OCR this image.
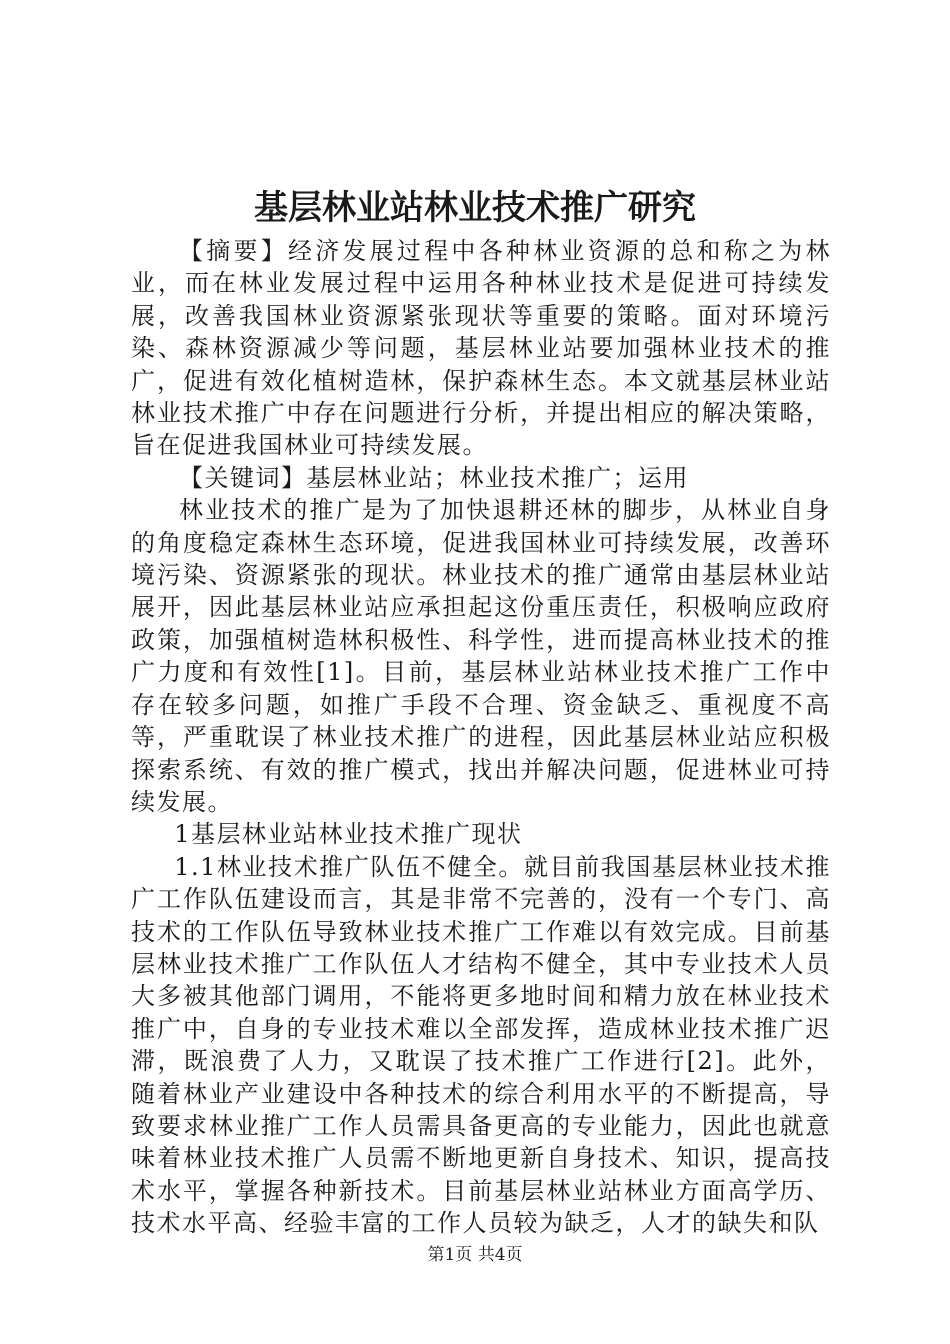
基层林业站林业技术推广研究

【摘要】经济发展过程中各种林业资源的总和称之为林业，而在林业发展过程中运用各种林业技术是促进可持续发展，改善我国林业资源紧张现状等重要的策略。面对环境污染、森林资源减少等问题，基层林业站要加强林业技术的推广，促进有效化植树造林，保护森林生态。本文就基层林业站林业技术推广中存在问题进行分析，并提出相应的解决策略，旨在促进我国林业可持续发展。

【关键词】基层林业站；林业技术推广；运用

林业技术的推广是为了加快退耕还林的脚步，从林业自身的角度稳定森林生态环境，促进我国林业可持续发展，改善环境污染、资源紧张的现状。林业技术的推广通常由基层林业站展开，因此基层林业站应承担起这份重压责任，积极响应政府政策，加强植树造林积极性、科学性，进而提高林业技术的推广力度和有效性[1]。目前，基层林业站林业技术推广工作中存在较多问题，如推广手段不合理、资金缺乏、重视度不高等，严重耽误了林业技术推广的进程，因此基层林业站应积极探索系统、有效的推广模式，找出并解决问题，促进林业可持续发展。

1基层林业站林业技术推广现状

1.1林业技术推广队伍不健全。就目前我国基层林业技术推广工作队伍建设而言，其是非常不完善的，没有一个专门、高技术的工作队伍导致林业技术推广工作难以有效完成。目前基层林业技术推广工作队伍人才结构不健全，其中专业技术人员大多被其他部门调用，不能将更多地时间和精力放在林业技术推广中，自身的专业技术难以全部发挥，造成林业技术推广迟滞，既浪费了人力，又耽误了技术推广工作进行[2]。此外，随着林业产业建设中各种技术的综合利用水平的不断提高，导致要求林业推广工作人员需具备更高的专业能力，因此也就意味着林业技术推广人员需不断地更新自身技术、知识，提高技术水平，掌握各种新技术。目前基层林业站林业方面高学历、技术水平高、经验丰富的工作人员较为缺乏，人才的缺失和队

第1页 共4页
